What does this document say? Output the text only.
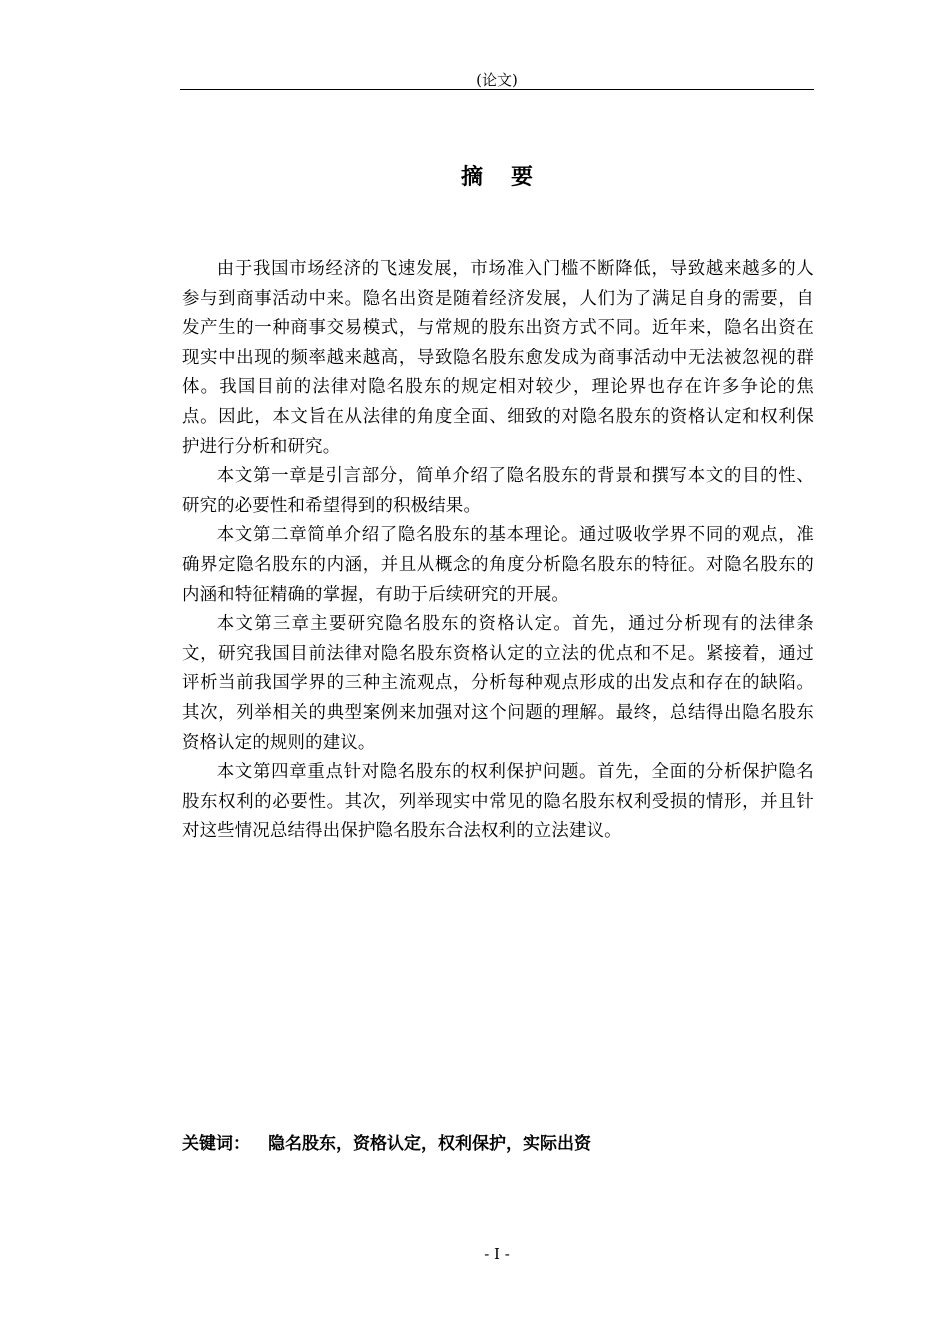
(论文)
摘要

由于我国市场经济的飞速发展，市场准入门槛不断降低，导致越来越多的人参与到商事活动中来。隐名出资是随着经济发展，人们为了满足自身的需要，自发产生的一种商事交易模式，与常规的股东出资方式不同。近年来，隐名出资在现实中出现的频率越来越高，导致隐名股东愈发成为商事活动中无法被忽视的群体。我国目前的法律对隐名股东的规定相对较少，理论界也存在许多争论的焦点。因此，本文旨在从法律的角度全面、细致的对隐名股东的资格认定和权利保护进行分析和研究。

本文第一章是引言部分，简单介绍了隐名股东的背景和撰写本文的目的性、研究的必要性和希望得到的积极结果。

本文第二章简单介绍了隐名股东的基本理论。通过吸收学界不同的观点，准确界定隐名股东的内涵，并且从概念的角度分析隐名股东的特征。对隐名股东的内涵和特征精确的掌握，有助于后续研究的开展。

本文第三章主要研究隐名股东的资格认定。首先，通过分析现有的法律条文，研究我国目前法律对隐名股东资格认定的立法的优点和不足。紧接着，通过评析当前我国学界的三种主流观点，分析每种观点形成的出发点和存在的缺陷。其次，列举相关的典型案例来加强对这个问题的理解。最终，总结得出隐名股东资格认定的规则的建议。

本文第四章重点针对隐名股东的权利保护问题。首先，全面的分析保护隐名股东权利的必要性。其次，列举现实中常见的隐名股东权利受损的情形，并且针对这些情况总结得出保护隐名股东合法权利的立法建议。

关键词： 隐名股东，资格认定，权利保护，实际出资
- I -
